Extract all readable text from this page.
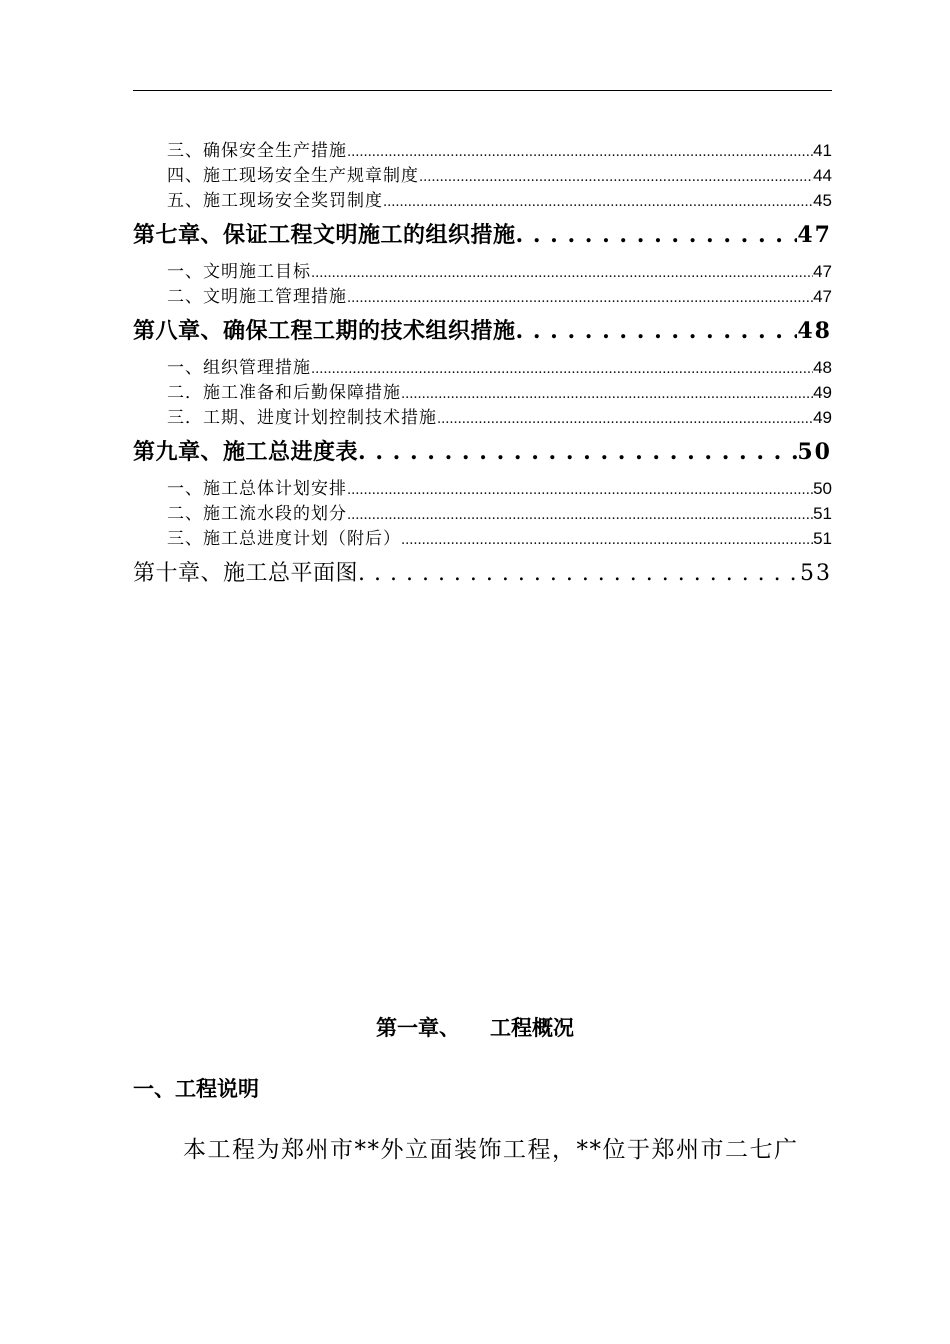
三、确保安全生产措施 .....	41
四、施工现场安全生产规章制度 .....	44
五、施工现场安全奖罚制度 .....	45
第七章、保证工程文明施工的组织措施 . . .	47
一、文明施工目标 .....	47
二、文明施工管理措施 .....	47
第八章、确保工程工期的技术组织措施 . . .	48
一、组织管理措施 .....	48
二．施工准备和后勤保障措施 .....	49
三．工期、进度计划控制技术措施 .....	49
第九章、施工总进度表 . . .	50
一、施工总体计划安排 .....	50
二、施工流水段的划分 .....	51
三、施工总进度计划（附后） .....	51
第十章、施工总平面图 . . .	53
第一章、 工程概况
一、工程说明
本工程为郑州市**外立面装饰工程，**位于郑州市二七广
